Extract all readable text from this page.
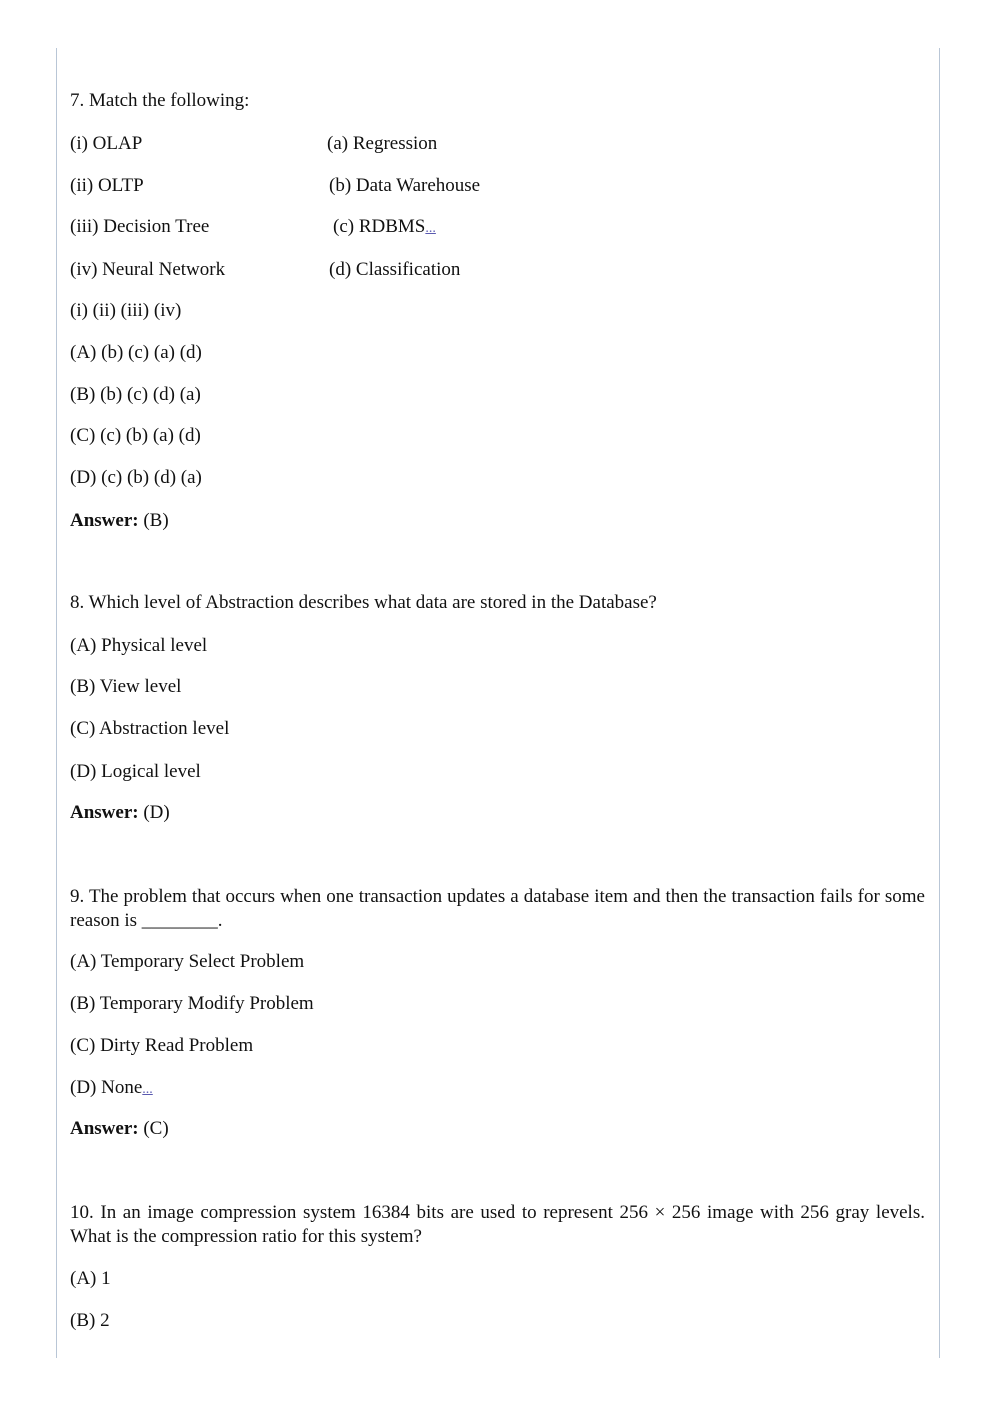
7. Match the following:
(i) OLAP	(a) Regression
(ii) OLTP	(b) Data Warehouse
(iii) Decision Tree	(c) RDBMS...
(iv) Neural Network	(d) Classification
(i) (ii) (iii) (iv)
(A) (b) (c) (a) (d)
(B) (b) (c) (d) (a)
(C) (c) (b) (a) (d)
(D) (c) (b) (d) (a)
Answer: (B)
8. Which level of Abstraction describes what data are stored in the Database?
(A) Physical level
(B) View level
(C) Abstraction level
(D) Logical level
Answer: (D)
9. The problem that occurs when one transaction updates a database item and then the transaction fails for some reason is ________.
(A) Temporary Select Problem
(B) Temporary Modify Problem
(C) Dirty Read Problem
(D) None...
Answer: (C)
10. In an image compression system 16384 bits are used to represent 256 × 256 image with 256 gray levels. What is the compression ratio for this system?
(A) 1
(B) 2
